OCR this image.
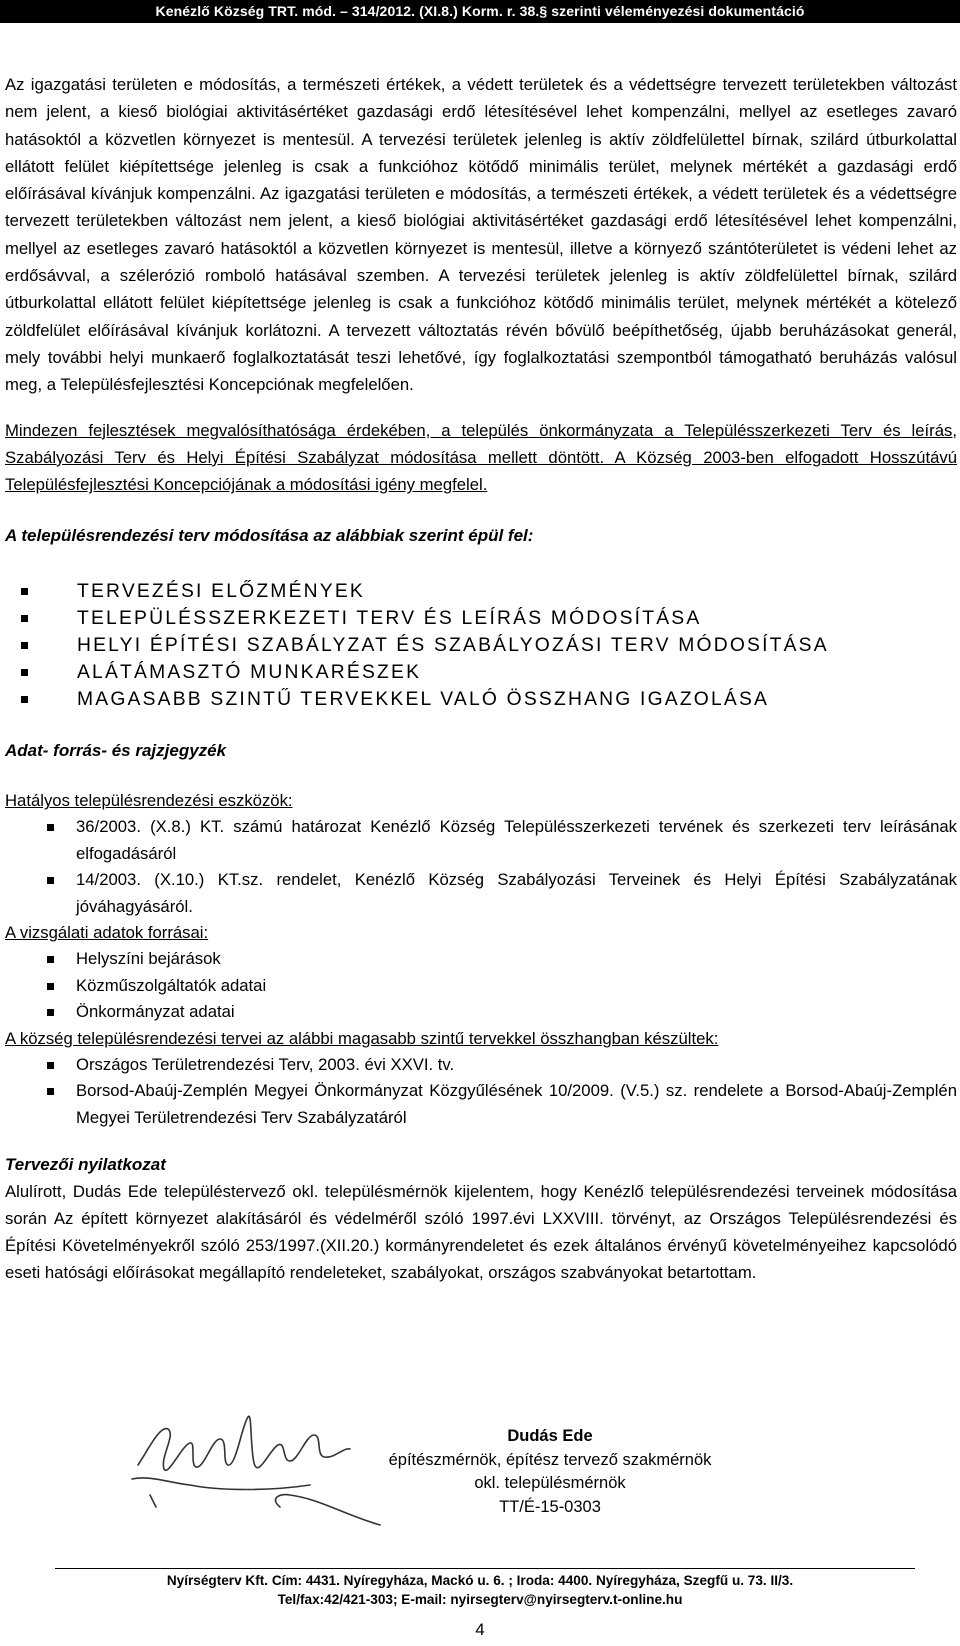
Kenézlő Község TRT. mód. – 314/2012. (XI.8.) Korm. r. 38.§ szerinti véleményezési dokumentáció

Az igazgatási területen e módosítás, a természeti értékek, a védett területek és a védettségre tervezett területekben változást nem jelent, a kieső biológiai aktivitásértéket gazdasági erdő létesítésével lehet kompenzálni, mellyel az esetleges zavaró hatásoktól a közvetlen környezet is mentesül. A tervezési területek jelenleg is aktív zöldfelülettel bírnak, szilárd útburkolattal ellátott felület kiépítettsége jelenleg is csak a funkcióhoz kötődő minimális terület, melynek mértékét a gazdasági erdő előírásával kívánjuk kompenzálni. Az igazgatási területen e módosítás, a természeti értékek, a védett területek és a védettségre tervezett területekben változást nem jelent, a kieső biológiai aktivitásértéket gazdasági erdő létesítésével lehet kompenzálni, mellyel az esetleges zavaró hatásoktól a közvetlen környezet is mentesül, illetve a környező szántóterületet is védeni lehet az erdősávval, a szélerózió romboló hatásával szemben. A tervezési területek jelenleg is aktív zöldfelülettel bírnak, szilárd útburkolattal ellátott felület kiépítettsége jelenleg is csak a funkcióhoz kötődő minimális terület, melynek mértékét a kötelező zöldfelület előírásával kívánjuk korlátozni. A tervezett változtatás révén bővülő beépíthetőség, újabb beruházásokat generál, mely további helyi munkaerő foglalkoztatását teszi lehetővé, így foglalkoztatási szempontból támogatható beruházás valósul meg, a Településfejlesztési Koncepciónak megfelelően.

Mindezen fejlesztések megvalósíthatósága érdekében, a település önkormányzata a Településszerkezeti Terv és leírás, Szabályozási Terv és Helyi Építési Szabályzat módosítása mellett döntött. A Község 2003-ben elfogadott Hosszútávú Településfejlesztési Koncepciójának a módosítási igény megfelel.

A településrendezési terv módosítása az alábbiak szerint épül fel:
TERVEZÉSI ELŐZMÉNYEK
TELEPÜLÉSSZERKEZETI TERV ÉS LEÍRÁS MÓDOSÍTÁSA
HELYI ÉPÍTÉSI SZABÁLYZAT ÉS SZABÁLYOZÁSI TERV MÓDOSÍTÁSA
ALÁTÁMASZTÓ MUNKARÉSZEK
MAGASABB SZINTŰ TERVEKKEL VALÓ ÖSSZHANG IGAZOLÁSA
Adat- forrás- és rajzjegyzék
Hatályos településrendezési eszközök:
36/2003. (X.8.) KT. számú határozat Kenézlő Község Településszerkezeti tervének és szerkezeti terv leírásának elfogadásáról
14/2003. (X.10.) KT.sz. rendelet, Kenézlő Község Szabályozási Terveinek és Helyi Építési Szabályzatának jóváhagyásáról.
A vizsgálati adatok forrásai:
Helyszíni bejárások
Közműszolgáltatók adatai
Önkormányzat adatai
A község településrendezési tervei az alábbi magasabb szintű tervekkel összhangban készültek:
Országos Területrendezési Terv, 2003. évi XXVI. tv.
Borsod-Abaúj-Zemplén Megyei Önkormányzat Közgyűlésének 10/2009. (V.5.) sz. rendelete a Borsod-Abaúj-Zemplén Megyei Területrendezési Terv Szabályzatáról
Tervezői nyilatkozat

Alulírott, Dudás Ede településtervező okl. településmérnök kijelentem, hogy Kenézlő településrendezési terveinek módosítása során Az épített környezet alakításáról és védelméről szóló 1997.évi LXXVIII. törvényt, az Országos Településrendezési és Építési Követelményekről szóló 253/1997.(XII.20.) kormányrendeletet és ezek általános érvényű követelményeihez kapcsolódó eseti hatósági előírásokat megállapító rendeleteket, szabályokat, országos szabványokat betartottam.

Dudás Ede
építészmérnök, építész tervező szakmérnök
okl. településmérnök
TT/É-15-0303
Nyírségterv Kft. Cím: 4431. Nyíregyháza, Mackó u. 6. ; Iroda: 4400. Nyíregyháza, Szegfű u. 73. II/3.
Tel/fax:42/421-303; E-mail: nyirsegterv@nyirsegterv.t-online.hu
4
